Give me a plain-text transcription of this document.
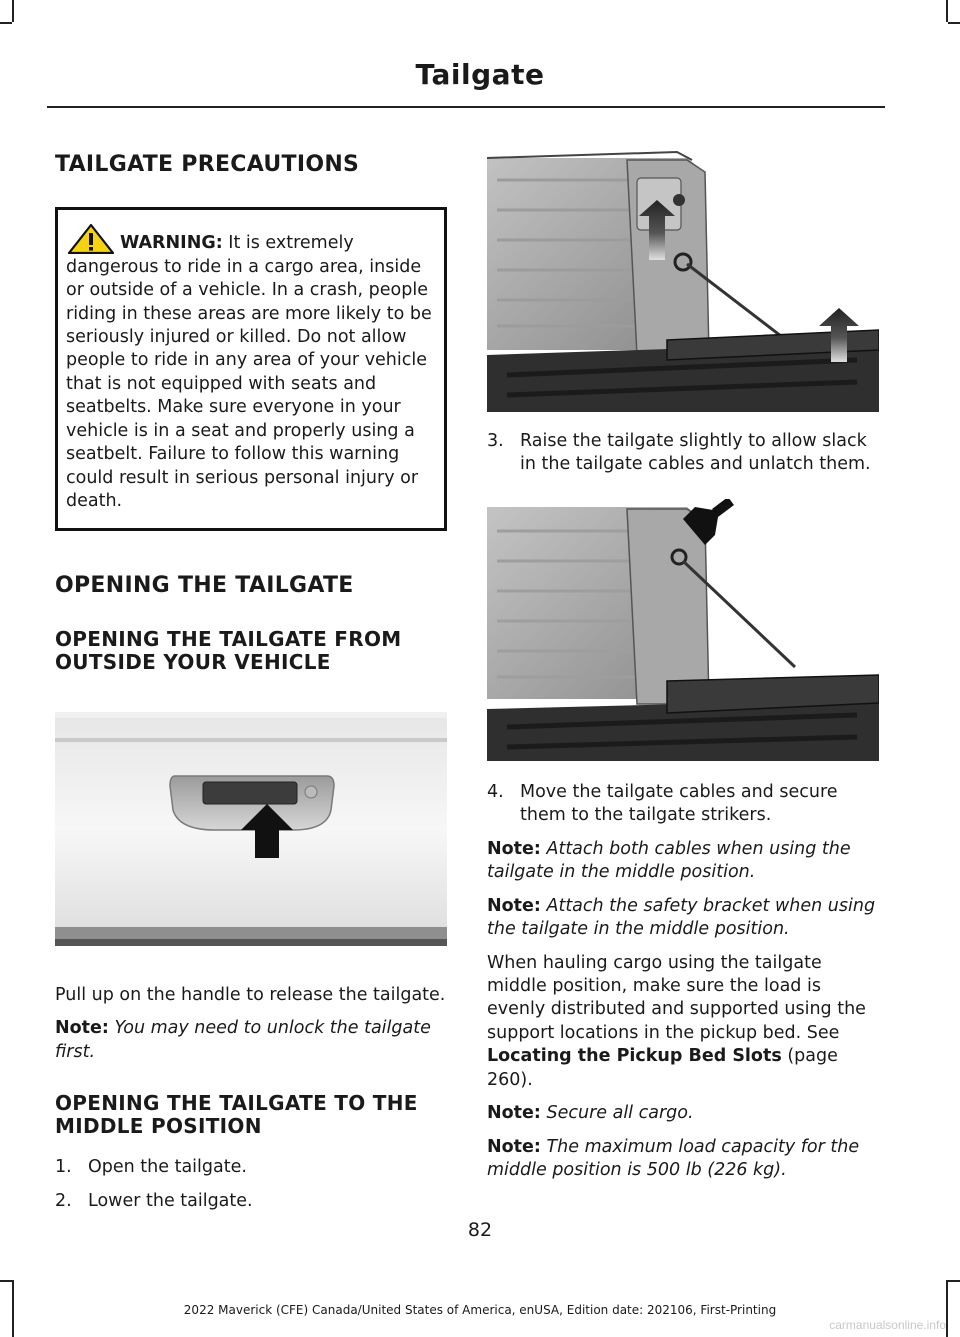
Tailgate
TAILGATE PRECAUTIONS
WARNING: It is extremely dangerous to ride in a cargo area, inside or outside of a vehicle. In a crash, people riding in these areas are more likely to be seriously injured or killed. Do not allow people to ride in any area of your vehicle that is not equipped with seats and seatbelts. Make sure everyone in your vehicle is in a seat and properly using a seatbelt. Failure to follow this warning could result in serious personal injury or death.
OPENING THE TAILGATE
OPENING THE TAILGATE FROM OUTSIDE YOUR VEHICLE

Pull up on the handle to release the tailgate.

Note: You may need to unlock the tailgate first.

OPENING THE TAILGATE TO THE MIDDLE POSITION
1. Open the tailgate.
2. Lower the tailgate.
3. Raise the tailgate slightly to allow slack in the tailgate cables and unlatch them.
4. Move the tailgate cables and secure them to the tailgate strikers.

Note: Attach both cables when using the tailgate in the middle position.

Note: Attach the safety bracket when using the tailgate in the middle position.

When hauling cargo using the tailgate middle position, make sure the load is evenly distributed and supported using the support locations in the pickup bed. See Locating the Pickup Bed Slots (page 260).

Note: Secure all cargo.

Note: The maximum load capacity for the middle position is 500 lb (226 kg).

82
2022 Maverick (CFE) Canada/United States of America, enUSA, Edition date: 202106, First-Printing
carmanualsonline.info
